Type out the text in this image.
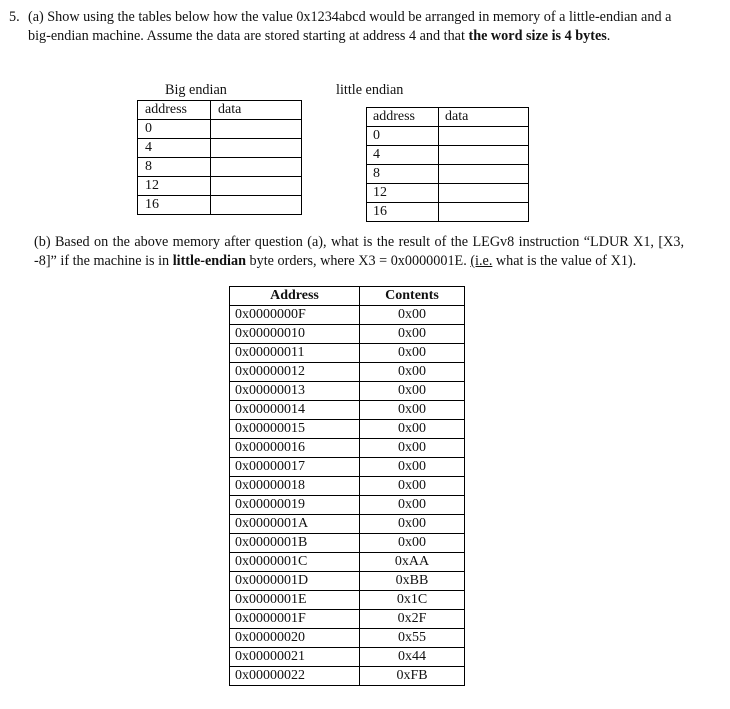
5. (a) Show using the tables below how the value 0x1234abcd would be arranged in memory of a little-endian and a big-endian machine. Assume the data are stored starting at address 4 and that the word size is 4 bytes.
Big endian
address	data
0	
4	
8	
12	
16	
little endian
address	data
0	
4	
8	
12	
16	
(b) Based on the above memory after question (a), what is the result of the LEGv8 instruction “LDUR X1, [X3, -8]” if the machine is in little-endian byte orders, where X3 = 0x0000001E. (i.e. what is the value of X1).
Address	Contents
0x0000000F	0x00
0x00000010	0x00
0x00000011	0x00
0x00000012	0x00
0x00000013	0x00
0x00000014	0x00
0x00000015	0x00
0x00000016	0x00
0x00000017	0x00
0x00000018	0x00
0x00000019	0x00
0x0000001A	0x00
0x0000001B	0x00
0x0000001C	0xAA
0x0000001D	0xBB
0x0000001E	0x1C
0x0000001F	0x2F
0x00000020	0x55
0x00000021	0x44
0x00000022	0xFB
